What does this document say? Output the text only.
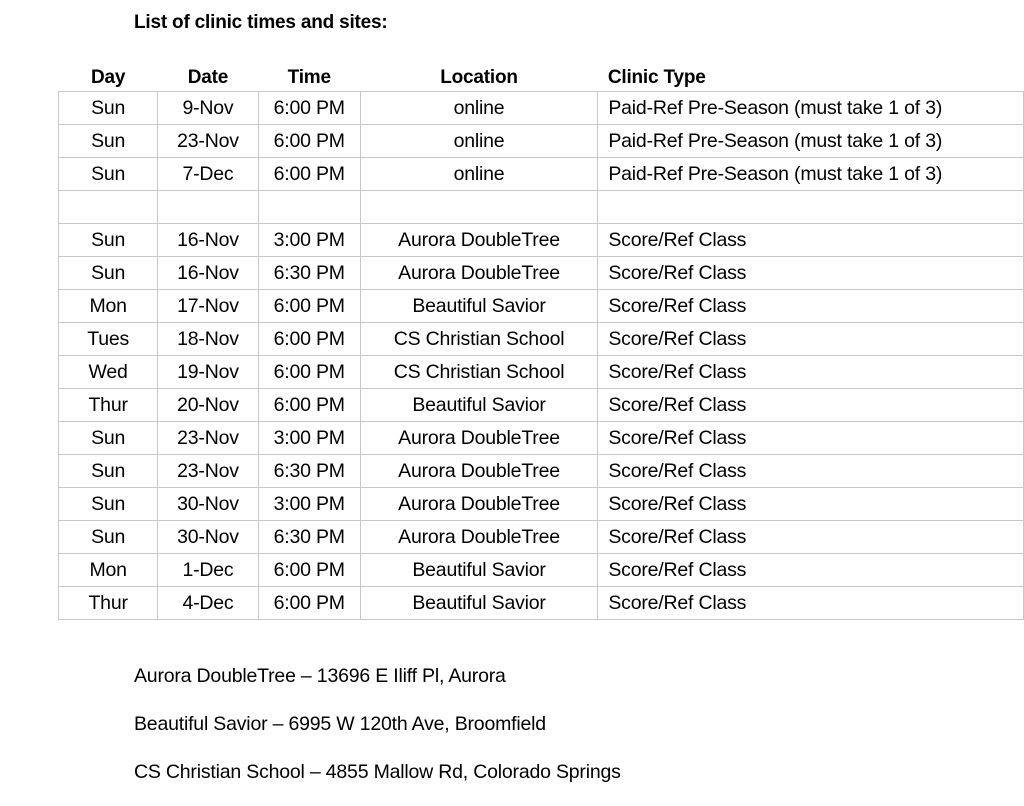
List of clinic times and sites:
Day	Date	Time	Location	Clinic Type
Sun	9-Nov	6:00 PM	online	Paid-Ref Pre-Season (must take 1 of 3)
Sun	23-Nov	6:00 PM	online	Paid-Ref Pre-Season (must take 1 of 3)
Sun	7-Dec	6:00 PM	online	Paid-Ref Pre-Season (must take 1 of 3)

Sun	16-Nov	3:00 PM	Aurora DoubleTree	Score/Ref Class
Sun	16-Nov	6:30 PM	Aurora DoubleTree	Score/Ref Class
Mon	17-Nov	6:00 PM	Beautiful Savior	Score/Ref Class
Tues	18-Nov	6:00 PM	CS Christian School	Score/Ref Class
Wed	19-Nov	6:00 PM	CS Christian School	Score/Ref Class
Thur	20-Nov	6:00 PM	Beautiful Savior	Score/Ref Class
Sun	23-Nov	3:00 PM	Aurora DoubleTree	Score/Ref Class
Sun	23-Nov	6:30 PM	Aurora DoubleTree	Score/Ref Class
Sun	30-Nov	3:00 PM	Aurora DoubleTree	Score/Ref Class
Sun	30-Nov	6:30 PM	Aurora DoubleTree	Score/Ref Class
Mon	1-Dec	6:00 PM	Beautiful Savior	Score/Ref Class
Thur	4-Dec	6:00 PM	Beautiful Savior	Score/Ref Class
Aurora DoubleTree – 13696 E Iliff Pl, Aurora
Beautiful Savior – 6995 W 120th Ave, Broomfield
CS Christian School – 4855 Mallow Rd, Colorado Springs
